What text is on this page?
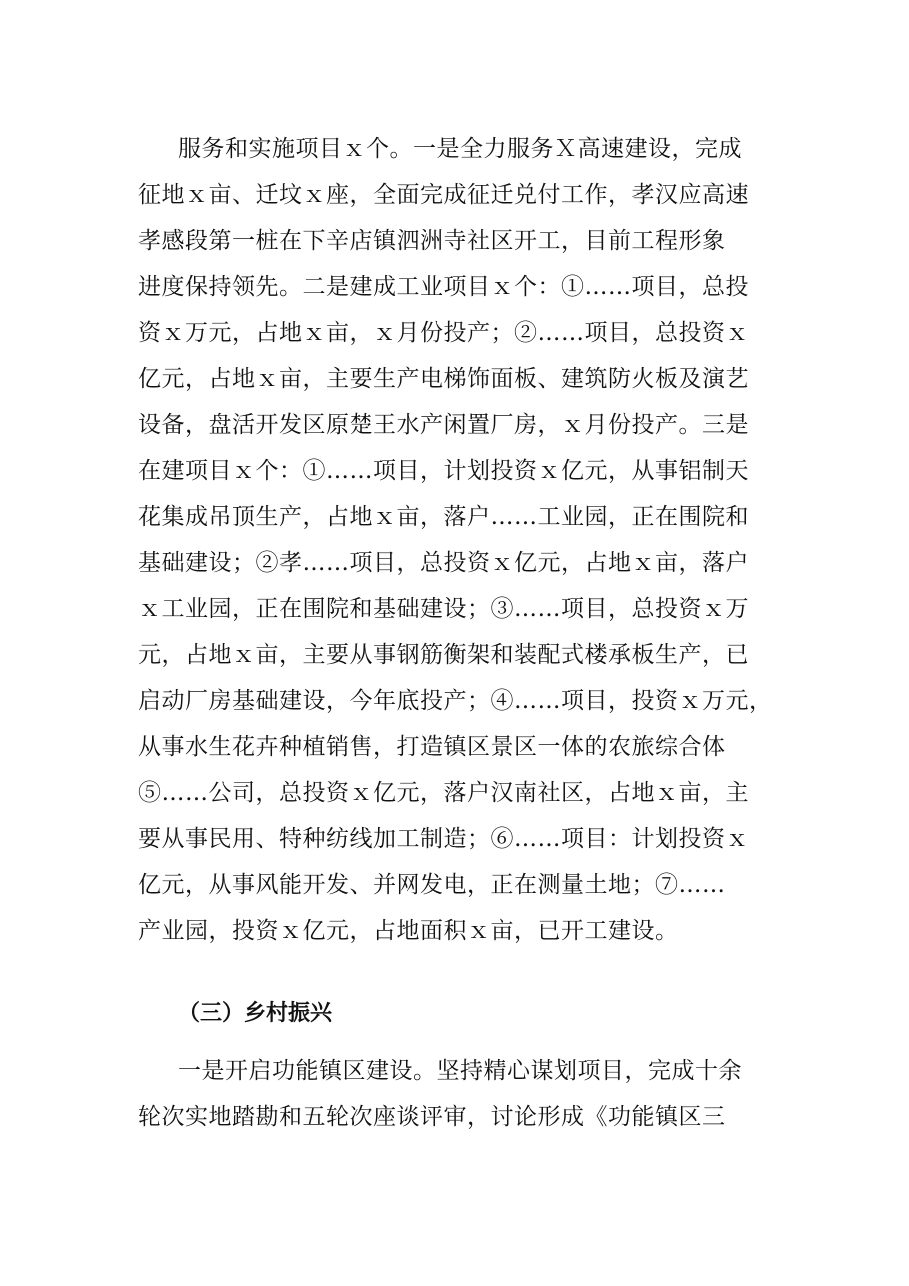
服务和实施项目ｘ个。一是全力服务Ｘ高速建设，完成
征地ｘ亩、迁坟ｘ座，全面完成征迁兑付工作，孝汉应高速
孝感段第一桩在下辛店镇泗洲寺社区开工，目前工程形象
进度保持领先。二是建成工业项目ｘ个：①……项目，总投
资ｘ万元，占地ｘ亩，ｘ月份投产；②……项目，总投资ｘ
亿元，占地ｘ亩，主要生产电梯饰面板、建筑防火板及演艺
设备，盘活开发区原楚王水产闲置厂房，ｘ月份投产。三是
在建项目ｘ个：①……项目，计划投资ｘ亿元，从事铝制天
花集成吊顶生产，占地ｘ亩，落户……工业园，正在围院和
基础建设；②孝……项目，总投资ｘ亿元，占地ｘ亩，落户
ｘ工业园，正在围院和基础建设；③……项目，总投资ｘ万
元，占地ｘ亩，主要从事钢筋衡架和装配式楼承板生产，已
启动厂房基础建设，今年底投产；④……项目，投资ｘ万元，
从事水生花卉种植销售，打造镇区景区一体的农旅综合体
⑤……公司，总投资ｘ亿元，落户汉南社区，占地ｘ亩，主
要从事民用、特种纺线加工制造；⑥……项目：计划投资ｘ
亿元，从事风能开发、并网发电，正在测量土地；⑦……
产业园，投资ｘ亿元，占地面积ｘ亩，已开工建设。
（三）乡村振兴
一是开启功能镇区建设。坚持精心谋划项目，完成十余
轮次实地踏勘和五轮次座谈评审，讨论形成《功能镇区三
